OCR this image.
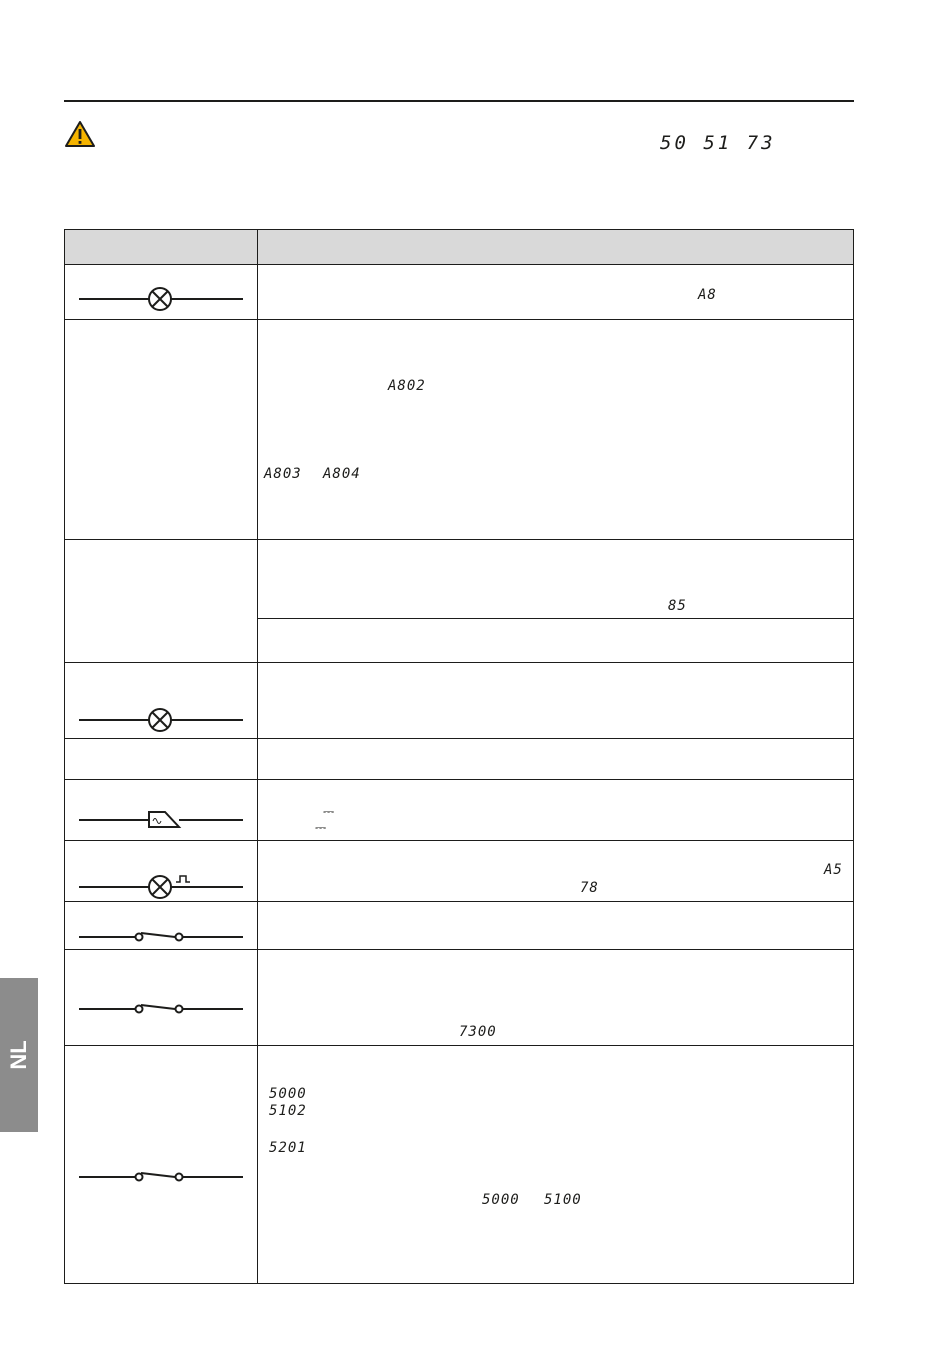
50 51 73
A8
A802
A803 A804
85
⎓
⎓
A5
78
7300
5000
5102
5201
5000 5100
NL
